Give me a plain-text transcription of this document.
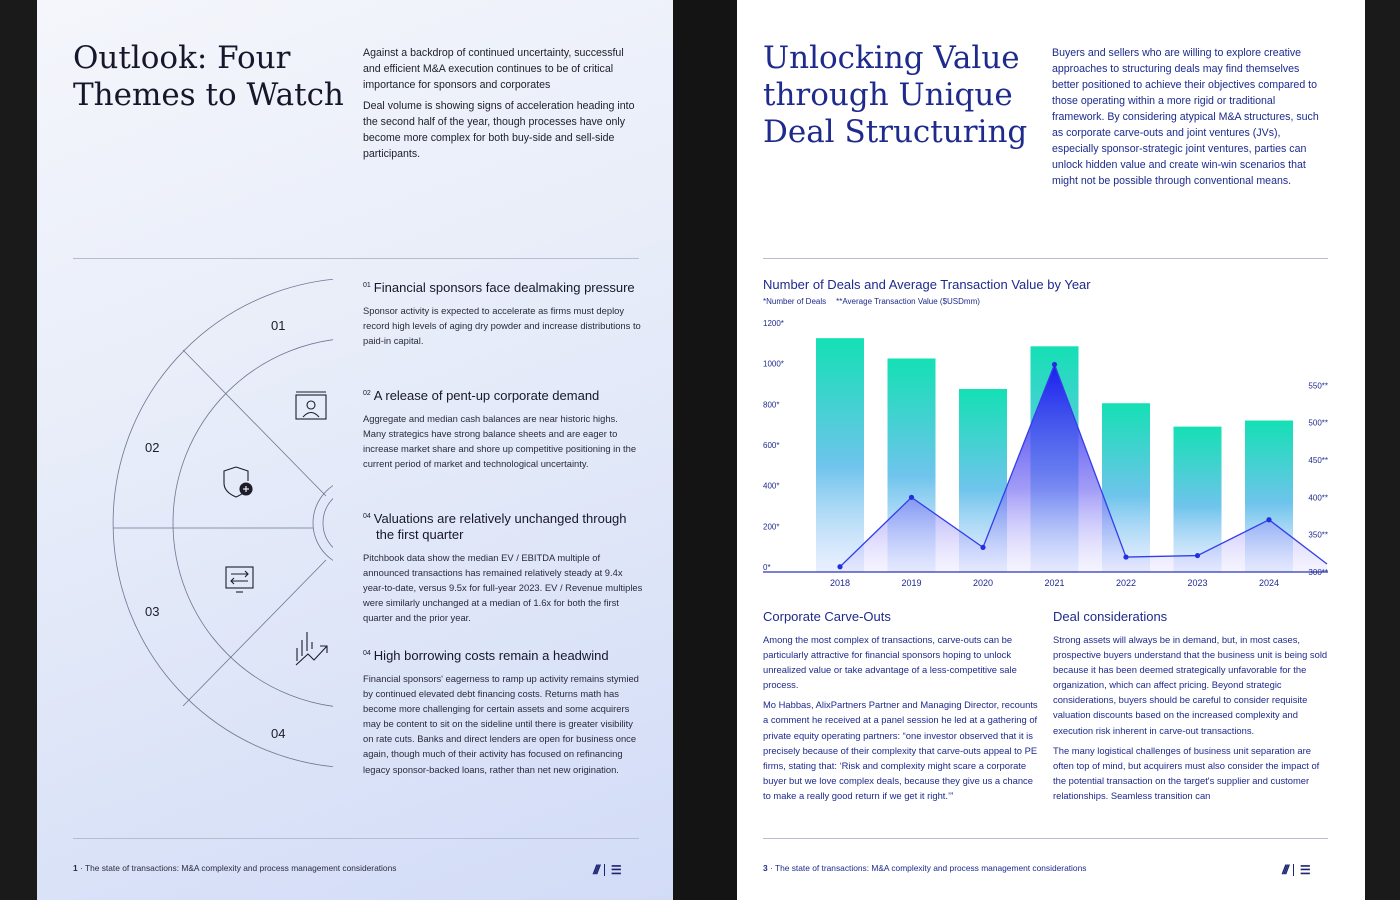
Outlook: Four Themes to Watch

Against a backdrop of continued uncertainty, successful and efficient M&A execution continues to be of critical importance for sponsors and corporates

Deal volume is showing signs of acceleration heading into the second half of the year, though processes have only become more complex for both buy-side and sell-side participants.

01
02
03
04
$^{01}$ Financial sponsors face dealmaking pressure
Sponsor activity is expected to accelerate as firms must deploy record high levels of aging dry powder and increase distributions to paid-in capital.
$^{02}$ A release of pent-up corporate demand
Aggregate and median cash balances are near historic highs. Many strategics have strong balance sheets and are eager to increase market share and shore up competitive positioning in the current period of market and technological uncertainty.
$^{04}$ Valuations are relatively unchanged through the first quarter
Pitchbook data show the median EV / EBITDA multiple of announced transactions has remained relatively steady at 9.4x year-to-date, versus 9.5x for full-year 2023. EV / Revenue multiples were similarly unchanged at a median of 1.6x for both the first quarter and the prior year.
$^{04}$ High borrowing costs remain a headwind
Financial sponsors' eagerness to ramp up activity remains stymied by continued elevated debt financing costs. Returns math has become more challenging for certain assets and some acquirers may be content to sit on the sideline until there is greater visibility on rate cuts. Banks and direct lenders are open for business once again, though much of their activity has focused on refinancing legacy sponsor-backed loans, rather than net new origination.
1 · The state of transactions: M&A complexity and process management considerations	/// ☰
Unlocking Value through Unique Deal Structuring
Buyers and sellers who are willing to explore creative approaches to structuring deals may find themselves better positioned to achieve their objectives compared to those operating within a more rigid or traditional framework. By considering atypical M&A structures, such as corporate carve-outs and joint ventures (JVs), especially sponsor-strategic joint ventures, parties can unlock hidden value and create win-win scenarios that might not be possible through conventional means.
Number of Deals and Average Transaction Value by Year
*Number of Deals **Average Transaction Value ($USDmm)
0*
200*
400*
600*
800*
1000*
1200*
300**
350**
400**
450**
500**
550**
2018	2019	2020	2021	2022	2023	2024
Corporate Carve-Outs

Among the most complex of transactions, carve-outs can be particularly attractive for financial sponsors hoping to unlock unrealized value or take advantage of a less-competitive sale process.

Mo Habbas, AlixPartners Partner and Managing Director, recounts a comment he received at a panel session he led at a gathering of private equity operating partners: “one investor observed that it is precisely because of their complexity that carve-outs appeal to PE firms, stating that: ‘Risk and complexity might scare a corporate buyer but we love complex deals, because they give us a chance to make a really good return if we get it right.’”

Deal considerations

Strong assets will always be in demand, but, in most cases, prospective buyers understand that the business unit is being sold because it has been deemed strategically unfavorable for the organization, which can affect pricing. Beyond strategic considerations, buyers should be careful to consider requisite valuation discounts based on the increased complexity and execution risk inherent in carve-out transactions.

The many logistical challenges of business unit separation are often top of mind, but acquirers must also consider the impact of the potential transaction on the target's supplier and customer relationships. Seamless transition can

3 · The state of transactions: M&A complexity and process management considerations	/// ☰
